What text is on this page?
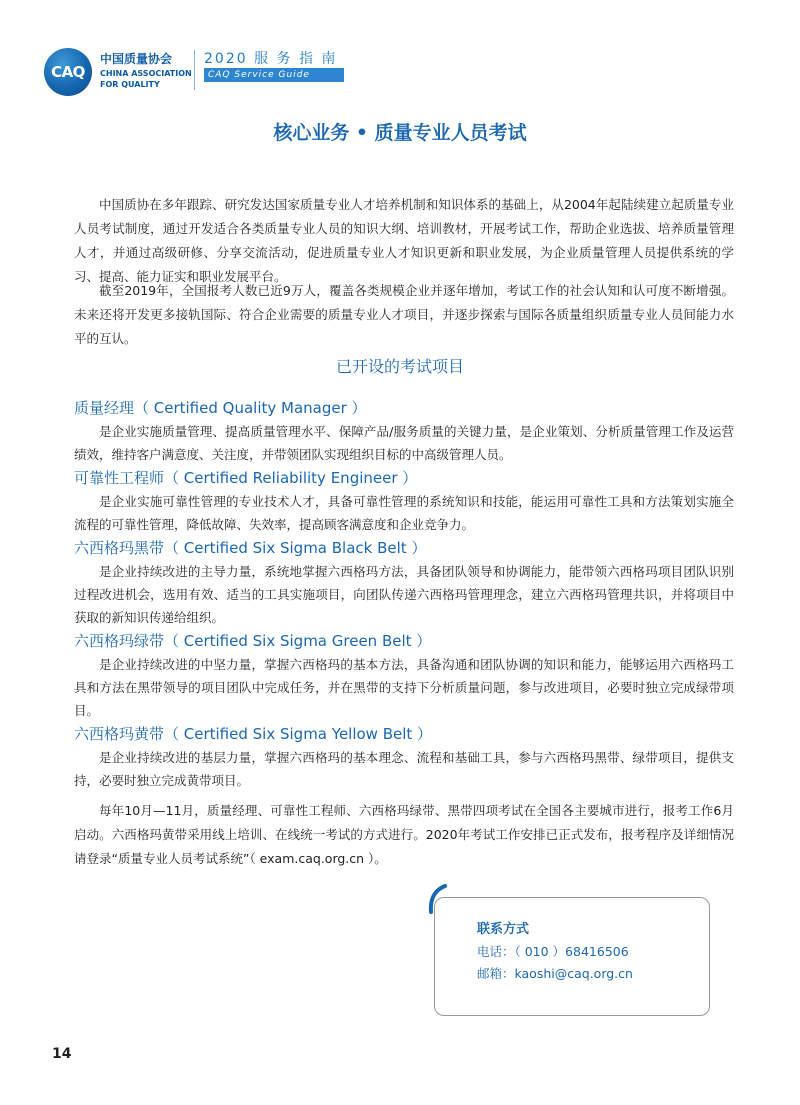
CAQ
中国质量协会
CHINA ASSOCIATION
FOR QUALITY
2020 服 务 指 南
CAQ Service Guide
核心业务 • 质量专业人员考试

中国质协在多年跟踪、研究发达国家质量专业人才培养机制和知识体系的基础上，从2004年起陆续建立起质量专业人员考试制度，通过开发适合各类质量专业人员的知识大纲、培训教材，开展考试工作，帮助企业选拔、培养质量管理人才，并通过高级研修、分享交流活动，促进质量专业人才知识更新和职业发展，为企业质量管理人员提供系统的学习、提高、能力证实和职业发展平台。

截至2019年，全国报考人数已近9万人，覆盖各类规模企业并逐年增加，考试工作的社会认知和认可度不断增强。未来还将开发更多接轨国际、符合企业需要的质量专业人才项目，并逐步探索与国际各质量组织质量专业人员间能力水平的互认。

已开设的考试项目

质量经理（ Certified Quality Manager ）

是企业实施质量管理、提高质量管理水平、保障产品/服务质量的关键力量，是企业策划、分析质量管理工作及运营绩效，维持客户满意度、关注度，并带领团队实现组织目标的中高级管理人员。

可靠性工程师（ Certified Reliability Engineer ）

是企业实施可靠性管理的专业技术人才，具备可靠性管理的系统知识和技能，能运用可靠性工具和方法策划实施全流程的可靠性管理，降低故障、失效率，提高顾客满意度和企业竞争力。

六西格玛黑带（ Certified Six Sigma Black Belt ）

是企业持续改进的主导力量，系统地掌握六西格玛方法，具备团队领导和协调能力，能带领六西格玛项目团队识别过程改进机会，选用有效、适当的工具实施项目，向团队传递六西格玛管理理念，建立六西格玛管理共识，并将项目中获取的新知识传递给组织。

六西格玛绿带（ Certified Six Sigma Green Belt ）

是企业持续改进的中坚力量，掌握六西格玛的基本方法，具备沟通和团队协调的知识和能力，能够运用六西格玛工具和方法在黑带领导的项目团队中完成任务，并在黑带的支持下分析质量问题，参与改进项目，必要时独立完成绿带项目。

六西格玛黄带（ Certified Six Sigma Yellow Belt ）

是企业持续改进的基层力量，掌握六西格玛的基本理念、流程和基础工具，参与六西格玛黑带、绿带项目，提供支持，必要时独立完成黄带项目。

每年10月—11月，质量经理、可靠性工程师、六西格玛绿带、黑带四项考试在全国各主要城市进行，报考工作6月启动。六西格玛黄带采用线上培训、在线统一考试的方式进行。2020年考试工作安排已正式发布，报考程序及详细情况请登录“质量专业人员考试系统”（ exam.caq.org.cn ）。

联系方式
电话：（ 010 ）68416506
邮箱：kaoshi@caq.org.cn
14
